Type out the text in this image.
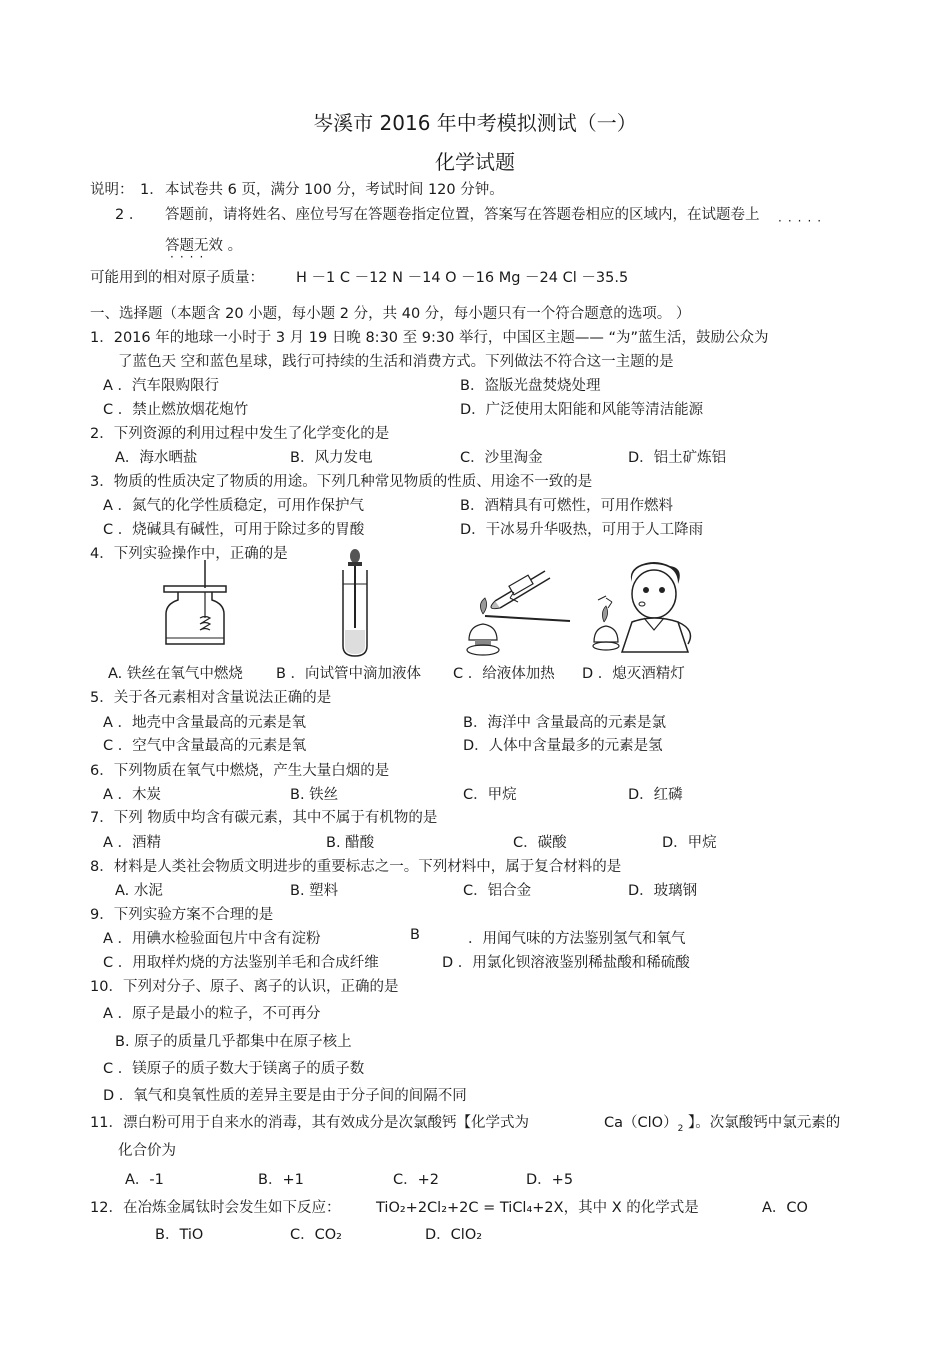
岑溪市 2016 年中考模拟测试（一）
化学试题
说明： 1． 本试卷共 6 页，满分 100 分，考试时间 120 分钟。
2 ． 答题前，请将姓名、座位号写在答题卷指定位置，答案写在答题卷相应的区域内，在试题卷上 ·····
答题无效 。
····
可能用到的相对原子质量： H －1 C －12 N －14 O －16 Mg －24 Cl －35.5
一、选择题（本题含 20 小题，每小题 2 分，共 40 分，每小题只有一个符合题意的选项。 ）
1．2016 年的地球一小时于 3 月 19 日晚 8:30 至 9:30 举行，中国区主题—— “为”蓝生活，鼓励公众为
了蓝色天 空和蓝色星球，践行可持续的生活和消费方式。下列做法不符合这一主题的是
A ．汽车限购限行	B．盗版光盘焚烧处理
C ．禁止燃放烟花炮竹	D．广泛使用太阳能和风能等清洁能源
2．下列资源的利用过程中发生了化学变化的是
A．海水晒盐	B．风力发电	C．沙里淘金	D．铝土矿炼铝
3．物质的性质决定了物质的用途。下列几种常见物质的性质、用途不一致的是
A ．氮气的化学性质稳定，可用作保护气	B．酒精具有可燃性，可用作燃料
C ．烧碱具有碱性，可用于除过多的胃酸	D．干冰易升华吸热，可用于人工降雨
4．下列实验操作中，正确的是
A. 铁丝在氧气中燃烧 B ．向试管中滴加液体 C ．给液体加热 D ．熄灭酒精灯
5．关于各元素相对含量说法正确的是
A ．地壳中含量最高的元素是氧	B．海洋中 含量最高的元素是氯
C ．空气中含量最高的元素是氧	D．人体中含量最多的元素是氢
6．下列物质在氧气中燃烧，产生大量白烟的是
A ．木炭	B. 铁丝	C．甲烷	D．红磷
7．下列 物质中均含有碳元素，其中不属于有机物的是
A ．酒精	B. 醋酸	C．碳酸	D．甲烷
8．材料是人类社会物质文明进步的重要标志之一。下列材料中，属于复合材料的是
A. 水泥	B. 塑料	C．铝合金	D．玻璃钢
9．下列实验方案不合理的是
A ．用碘水检验面包片中含有淀粉	B	．用闻气味的方法鉴别氢气和氧气
C ．用取样灼烧的方法鉴别羊毛和合成纤维	D ．用氯化钡溶液鉴别稀盐酸和稀硫酸
10．下列对分子、原子、离子的认识，正确的是
A ．原子是最小的粒子，不可再分
B. 原子的质量几乎都集中在原子核上
C ．镁原子的质子数大于镁离子的质子数
D ．氧气和臭氧性质的差异主要是由于分子间的间隔不同
11．漂白粉可用于自来水的消毒，其有效成分是次氯酸钙【化学式为	$Ca(ClO)_2$ 】。次氯酸钙中氯元素的
化合价为
A．-1	B．+1	C．+2	D．+5
12．在冶炼金属钛时会发生如下反应： TiO₂+2Cl₂+2C = TiCl₄+2X，其中 X 的化学式是	A．CO
B．TiO	C．CO₂	D．ClO₂
